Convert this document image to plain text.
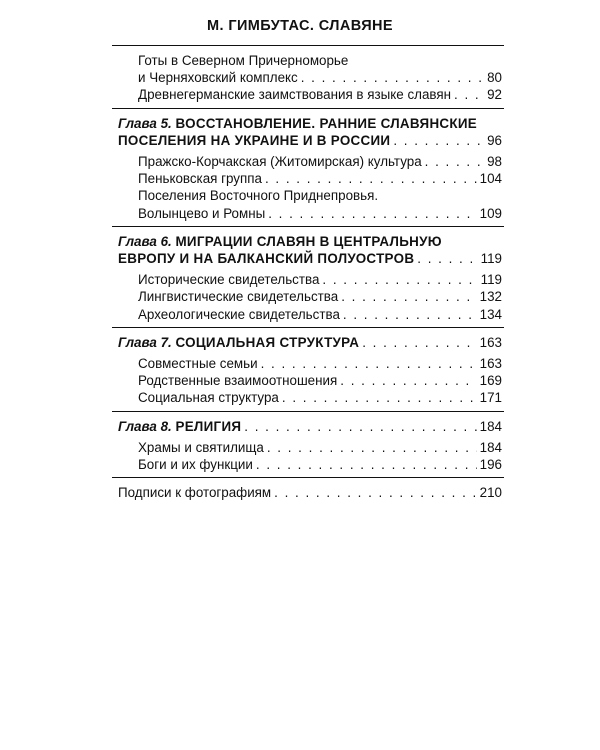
М. ГИМБУТАС. СЛАВЯНЕ
Готы в Северном Причерноморье
и Черняховский комплекс . . .	80
Древнегерманские заимствования в языке славян . . .	92
Глава 5. ВОССТАНОВЛЕНИЕ. РАННИЕ СЛАВЯНСКИЕ
ПОСЕЛЕНИЯ НА УКРАИНЕ И В РОССИИ . . .	96
Пражско-Корчакская (Житомирская) культура . . .	98
Пеньковская группа . . .	104
Поселения Восточного Приднепровья.
Волынцево и Ромны . . .	109
Глава 6. МИГРАЦИИ СЛАВЯН В ЦЕНТРАЛЬНУЮ
ЕВРОПУ И НА БАЛКАНСКИЙ ПОЛУОСТРОВ . . .	119
Исторические свидетельства . . .	119
Лингвистические свидетельства . . .	132
Археологические свидетельства . . .	134
Глава 7. СОЦИАЛЬНАЯ СТРУКТУРА . . .	163
Совместные семьи . . .	163
Родственные взаимоотношения . . .	169
Социальная структура . . .	171
Глава 8. РЕЛИГИЯ . . .	184
Храмы и святилища . . .	184
Боги и их функции . . .	196
Подписи к фотографиям . . .	210
